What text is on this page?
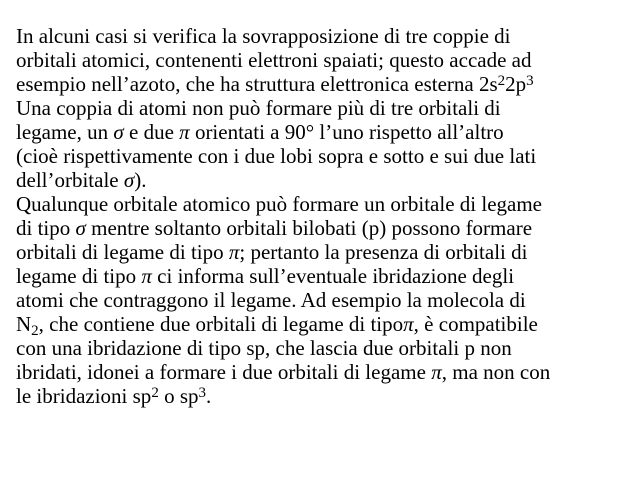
In alcuni casi si verifica la sovrapposizione di tre coppie di
orbitali atomici, contenenti elettroni spaiati; questo accade ad
esempio nell’azoto, che ha struttura elettronica esterna $2s^22p^3$
Una coppia di atomi non può formare più di tre orbitali di
legame, un σ e due π orientati a 90° l’uno rispetto all’altro
(cioè rispettivamente con i due lobi sopra e sotto e sui due lati
dell’orbitale σ).
Qualunque orbitale atomico può formare un orbitale di legame
di tipo σ mentre soltanto orbitali bilobati (p) possono formare
orbitali di legame di tipo π; pertanto la presenza di orbitali di
legame di tipo π ci informa sull’eventuale ibridazione degli
atomi che contraggono il legame. Ad esempio la molecola di
N2, che contiene due orbitali di legame di tipoπ, è compatibile
con una ibridazione di tipo sp, che lascia due orbitali p non
ibridati, idonei a formare i due orbitali di legame π, ma non con
le ibridazioni $sp^2$ o $sp^3$.
